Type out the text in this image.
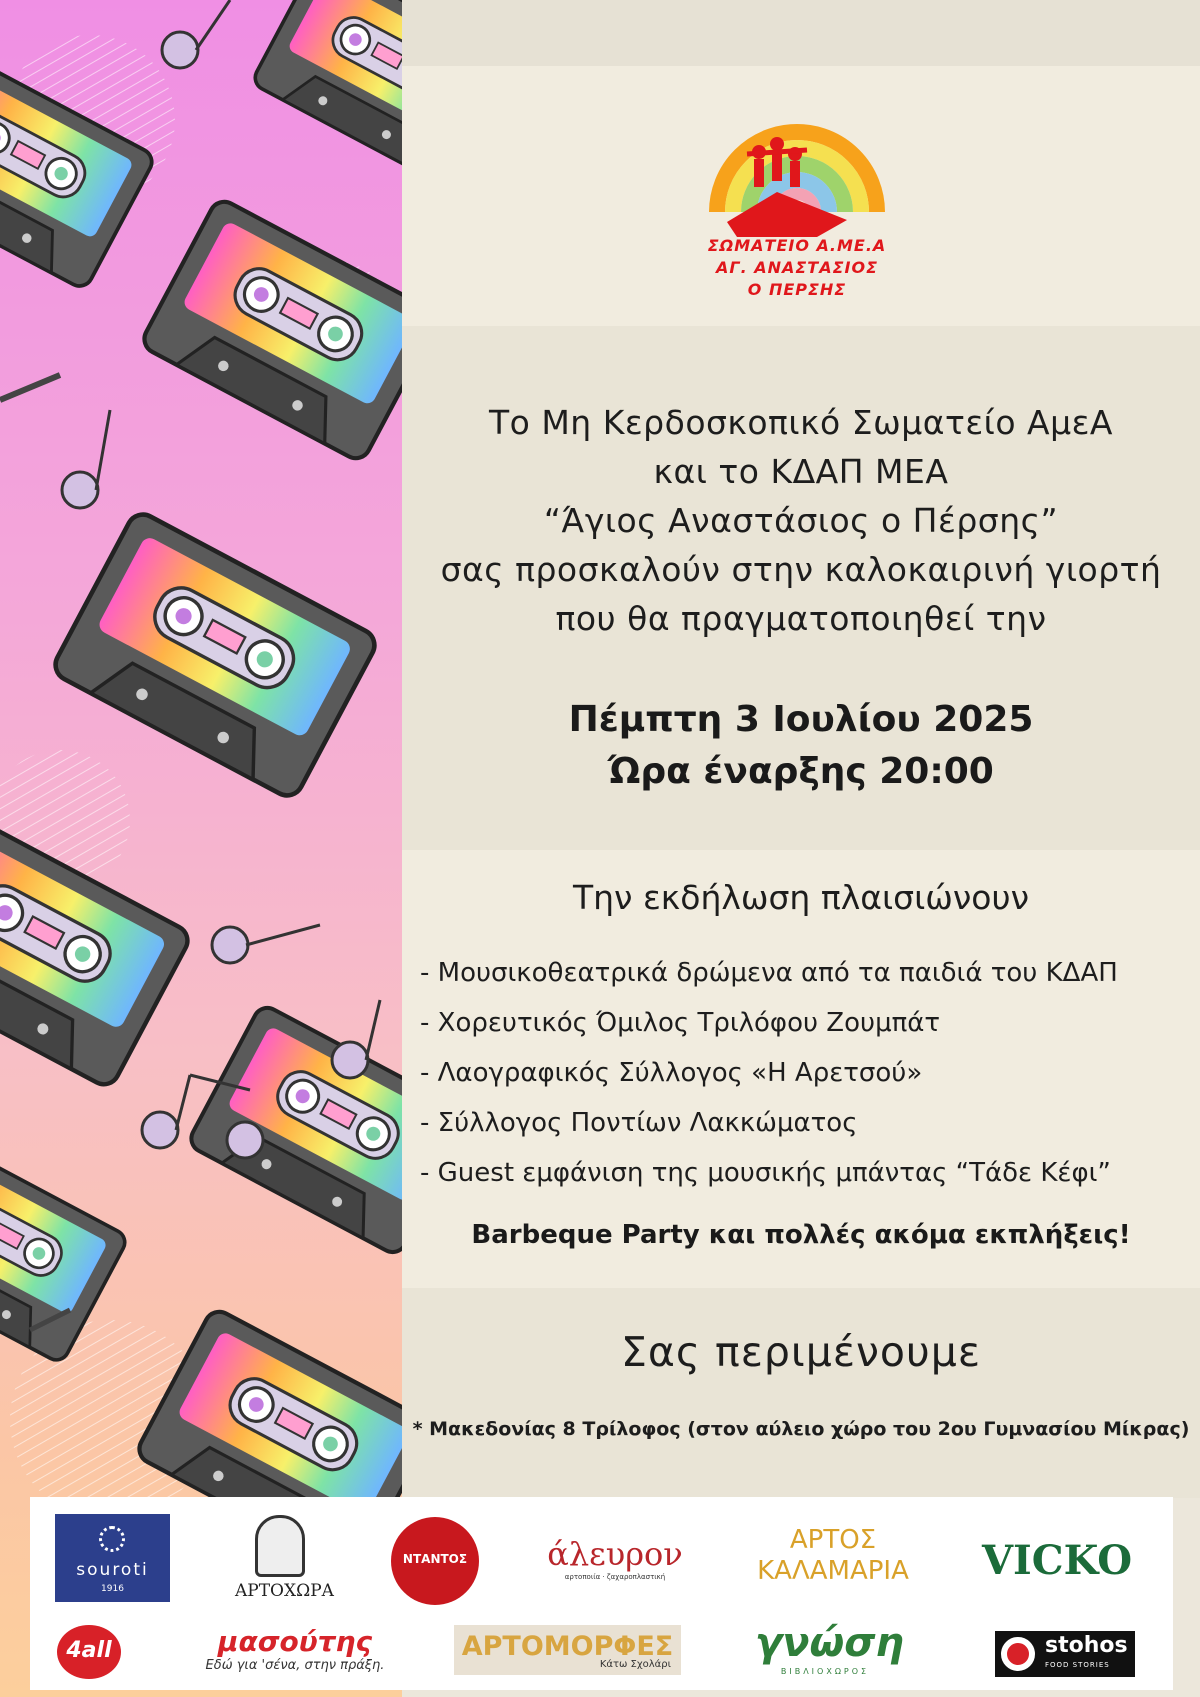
ΣΩΜΑΤΕΙΟ Α.ΜΕ.Α
ΑΓ. ΑΝΑΣΤΑΣΙΟΣ
Ο ΠΕΡΣΗΣ
Το Μη Κερδοσκοπικό Σωματείο ΑμεΑ
και το ΚΔΑΠ ΜΕΑ
“Άγιος Αναστάσιος ο Πέρσης”
σας προσκαλούν στην καλοκαιρινή γιορτή
που θα πραγματοποιηθεί την
Πέμπτη 3 Ιουλίου 2025
Ώρα έναρξης 20:00
Την εκδήλωση πλαισιώνουν
- Μουσικοθεατρικά δρώμενα από τα παιδιά του ΚΔΑΠ
- Χορευτικός Όμιλος Τριλόφου Ζουμπάτ
- Λαογραφικός Σύλλογος «Η Αρετσού»
- Σύλλογος Ποντίων Λακκώματος
- Guest εμφάνιση της μουσικής μπάντας “Τάδε Κέφι”
Barbeque Party και πολλές ακόμα εκπλήξεις!
Σας περιμένουμε
* Μακεδονίας 8 Τρίλοφος (στον αύλειο χώρο του 2ου Γυμνασίου Μίκρας)
souroti
1916	ΑΡΤΟΧΩΡΑ
ΝΤΑΝΤΟΣ	άλευρον
αρτοποιία · ζαχαροπλαστική
ΑΡΤΟΣ
ΚΑΛΑΜΑΡΙΑ VICKO
4all	μασούτης
Εδώ για 'σένα, στην πράξη.
ΑΡΤΟΜΟΡΦΕΣ
Κάτω Σχολάρι γνώση
ΒΙΒΛΙΟΧΩΡΟΣ
stohos
FOOD STORIES
